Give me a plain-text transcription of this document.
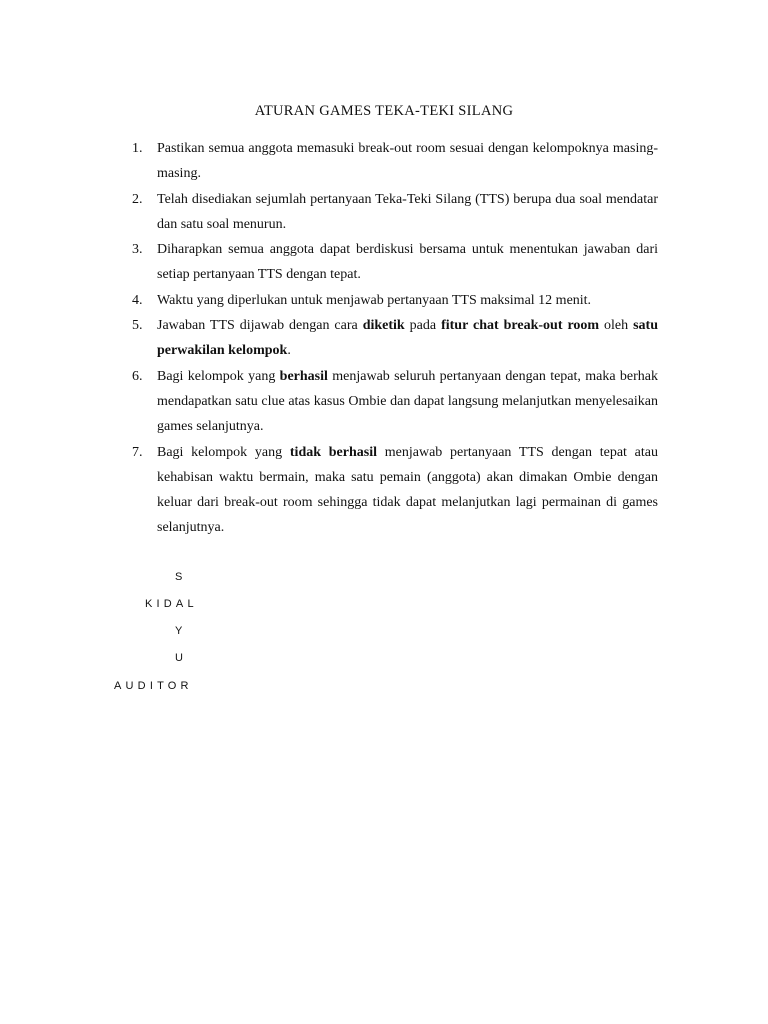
ATURAN GAMES TEKA-TEKI SILANG
1. Pastikan semua anggota memasuki break-out room sesuai dengan kelompoknya masing-masing.
2. Telah disediakan sejumlah pertanyaan Teka-Teki Silang (TTS) berupa dua soal mendatar dan satu soal menurun.
3. Diharapkan semua anggota dapat berdiskusi bersama untuk menentukan jawaban dari setiap pertanyaan TTS dengan tepat.
4. Waktu yang diperlukan untuk menjawab pertanyaan TTS maksimal 12 menit.
5. Jawaban TTS dijawab dengan cara diketik pada fitur chat break-out room oleh satu perwakilan kelompok.
6. Bagi kelompok yang berhasil menjawab seluruh pertanyaan dengan tepat, maka berhak mendapatkan satu clue atas kasus Ombie dan dapat langsung melanjutkan menyelesaikan games selanjutnya.
7. Bagi kelompok yang tidak berhasil menjawab pertanyaan TTS dengan tepat atau kehabisan waktu bermain, maka satu pemain (anggota) akan dimakan Ombie dengan keluar dari break-out room sehingga tidak dapat melanjutkan lagi permainan di games selanjutnya.
S
KIDAL
Y
U
AUDITOR
